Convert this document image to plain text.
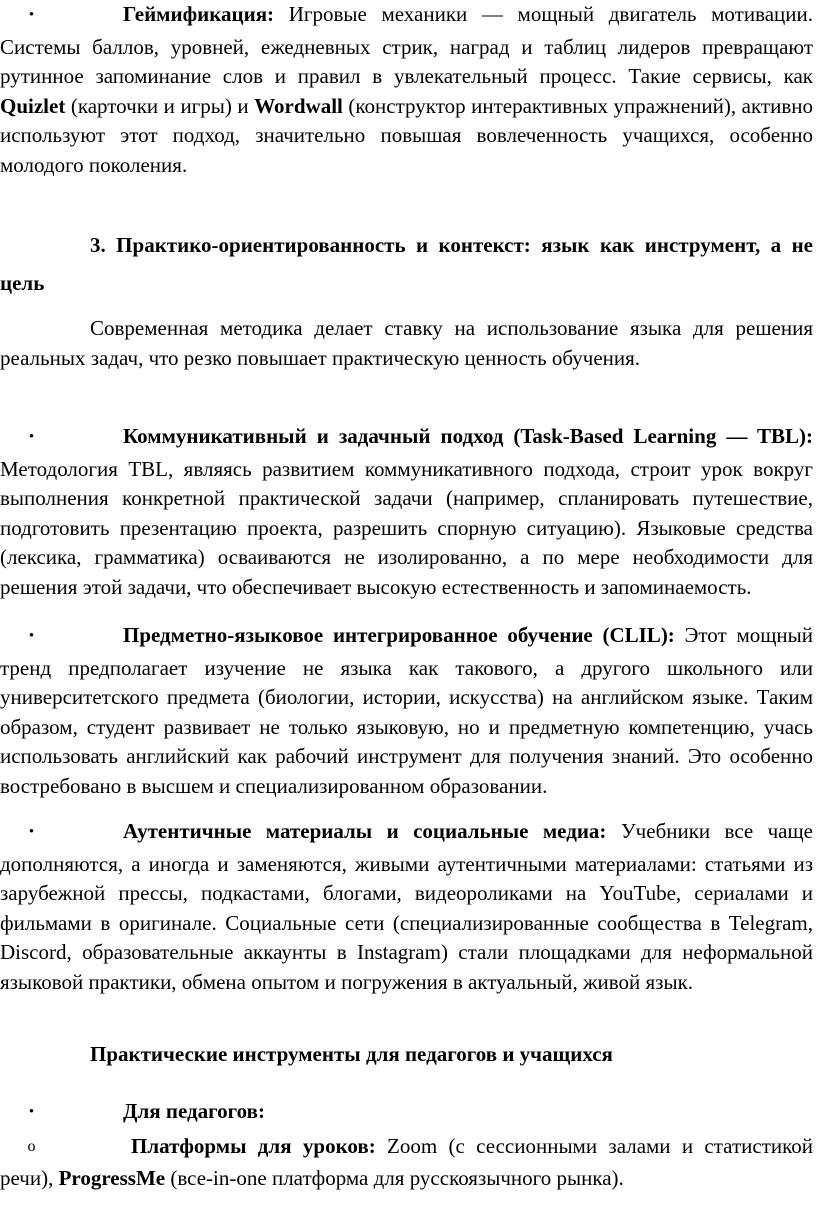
•	Геймификация: Игровые механики — мощный двигатель мотивации. Системы баллов, уровней, ежедневных стрик, наград и таблиц лидеров превращают рутинное запоминание слов и правил в увлекательный процесс. Такие сервисы, как Quizlet (карточки и игры) и Wordwall (конструктор интерактивных упражнений), активно используют этот подход, значительно повышая вовлеченность учащихся, особенно молодого поколения.

3. Практико-ориентированность и контекст: язык как инструмент, а не цель

Современная методика делает ставку на использование языка для решения реальных задач, что резко повышает практическую ценность обучения.

•	Коммуникативный и задачный подход (Task-Based Learning — TBL): Методология TBL, являясь развитием коммуникативного подхода, строит урок вокруг выполнения конкретной практической задачи (например, спланировать путешествие, подготовить презентацию проекта, разрешить спорную ситуацию). Языковые средства (лексика, грамматика) осваиваются не изолированно, а по мере необходимости для решения этой задачи, что обеспечивает высокую естественность и запоминаемость.

•	Предметно-языковое интегрированное обучение (CLIL): Этот мощный тренд предполагает изучение не языка как такового, а другого школьного или университетского предмета (биологии, истории, искусства) на английском языке. Таким образом, студент развивает не только языковую, но и предметную компетенцию, учась использовать английский как рабочий инструмент для получения знаний. Это особенно востребовано в высшем и специализированном образовании.

•	Аутентичные материалы и социальные медиа: Учебники все чаще дополняются, а иногда и заменяются, живыми аутентичными материалами: статьями из зарубежной прессы, подкастами, блогами, видеороликами на YouTube, сериалами и фильмами в оригинале. Социальные сети (специализированные сообщества в Telegram, Discord, образовательные аккаунты в Instagram) стали площадками для неформальной языковой практики, обмена опытом и погружения в актуальный, живой язык.

Практические инструменты для педагогов и учащихся

•	Для педагогов:

o	Платформы для уроков: Zoom (с сессионными залами и статистикой речи), ProgressMe (все-in-one платформа для русскоязычного рынка).
